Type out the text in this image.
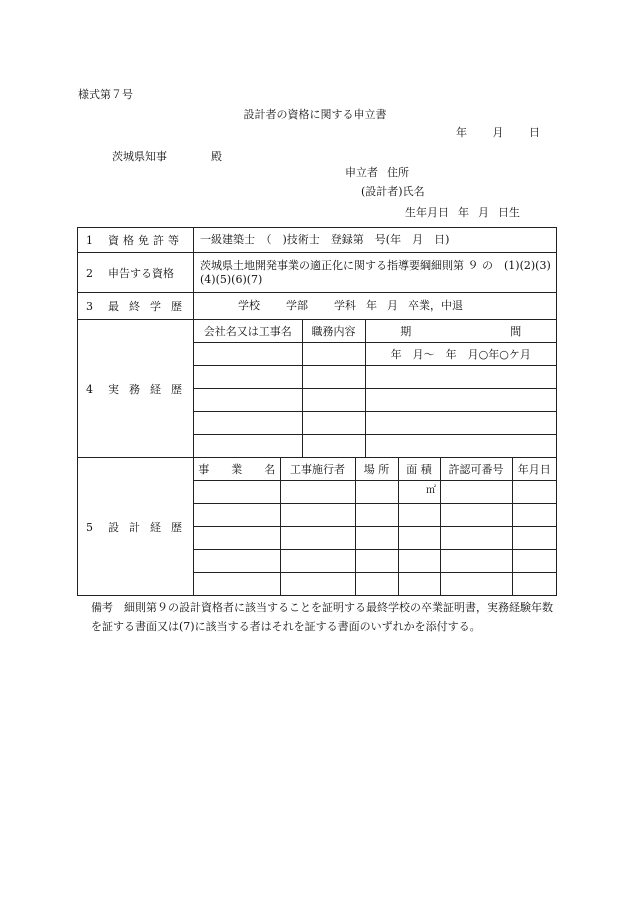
様式第７号
設計者の資格に関する申立書
年 月 日
茨城県知事	殿
申立者 住所
(設計者)氏名
生年月日 年 月 日生
1 資格免許等	一級建築士　（　)技術士　登録第　号(年　月　日)
2 申告する資格	茨城県土地開発事業の適正化に関する指導要綱細則第 ９ の　(1)(2)(3)(4)(5)(6)(7)
3 最終学歴	学校 学部 学科 年 月 卒業，中退
4 実務経歴	
会社名又は工事名	職務内容	期　　　　　　　　　間
		年　月〜　年　月○年○ケ月

5 設計経歴	
事　　業　　名	工事施行者	場 所	面 積	許認可番号	年月日
			㎡		

備考　 細則第９の設計資格者に該当することを証明する最終学校の卒業証明書，実務経験年数を証する書面又は(7)に該当する者はそれを証する書面のいずれかを添付する。
